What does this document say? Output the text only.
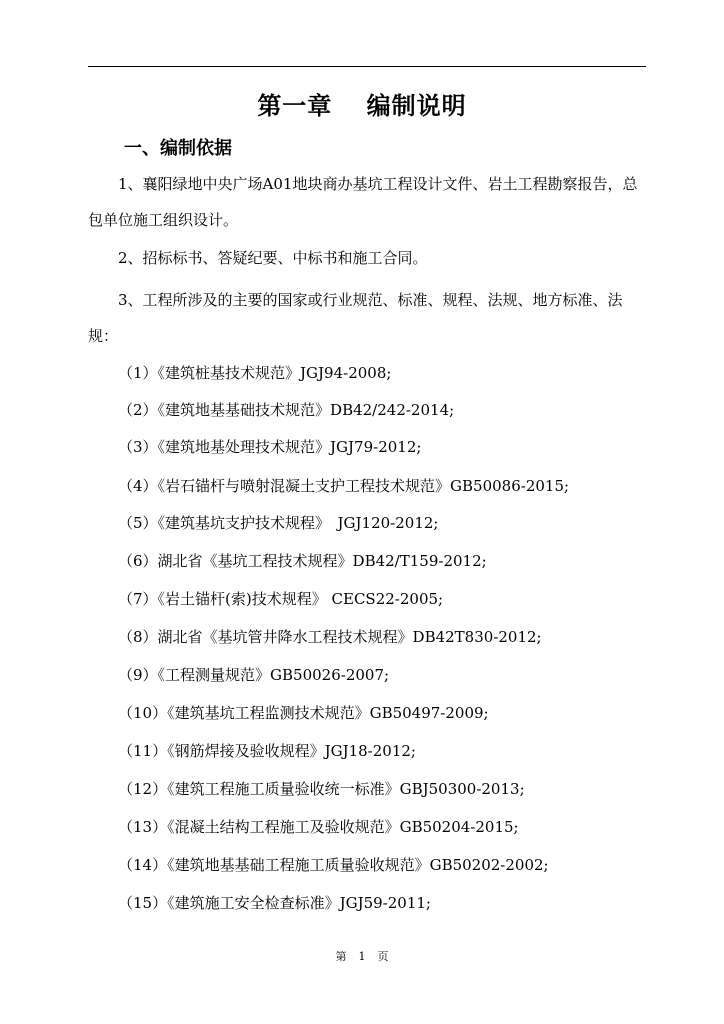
第一章　 编制说明
一、编制依据
1、襄阳绿地中央广场A01地块商办基坑工程设计文件、岩土工程勘察报告，总包单位施工组织设计。
2、招标标书、答疑纪要、中标书和施工合同。
3、工程所涉及的主要的国家或行业规范、标准、规程、法规、地方标准、法规：
（1）《建筑桩基技术规范》JGJ94-2008;
（2）《建筑地基基础技术规范》DB42/242-2014;
（3）《建筑地基处理技术规范》JGJ79-2012;
（4）《岩石锚杆与喷射混凝土支护工程技术规范》GB50086-2015;
（5）《建筑基坑支护技术规程》　JGJ120-2012;
（6）湖北省《基坑工程技术规程》DB42/T159-2012;
（7）《岩土锚杆(索)技术规程》 CECS22-2005;
（8）湖北省《基坑管井降水工程技术规程》DB42T830-2012;
（9）《工程测量规范》GB50026-2007;
（10）《建筑基坑工程监测技术规范》GB50497-2009;
（11）《钢筋焊接及验收规程》JGJ18-2012;
（12）《建筑工程施工质量验收统一标准》GBJ50300-2013;
（13）《混凝土结构工程施工及验收规范》GB50204-2015;
（14）《建筑地基基础工程施工质量验收规范》GB50202-2002;
（15）《建筑施工安全检查标准》JGJ59-2011;
第 1 页
